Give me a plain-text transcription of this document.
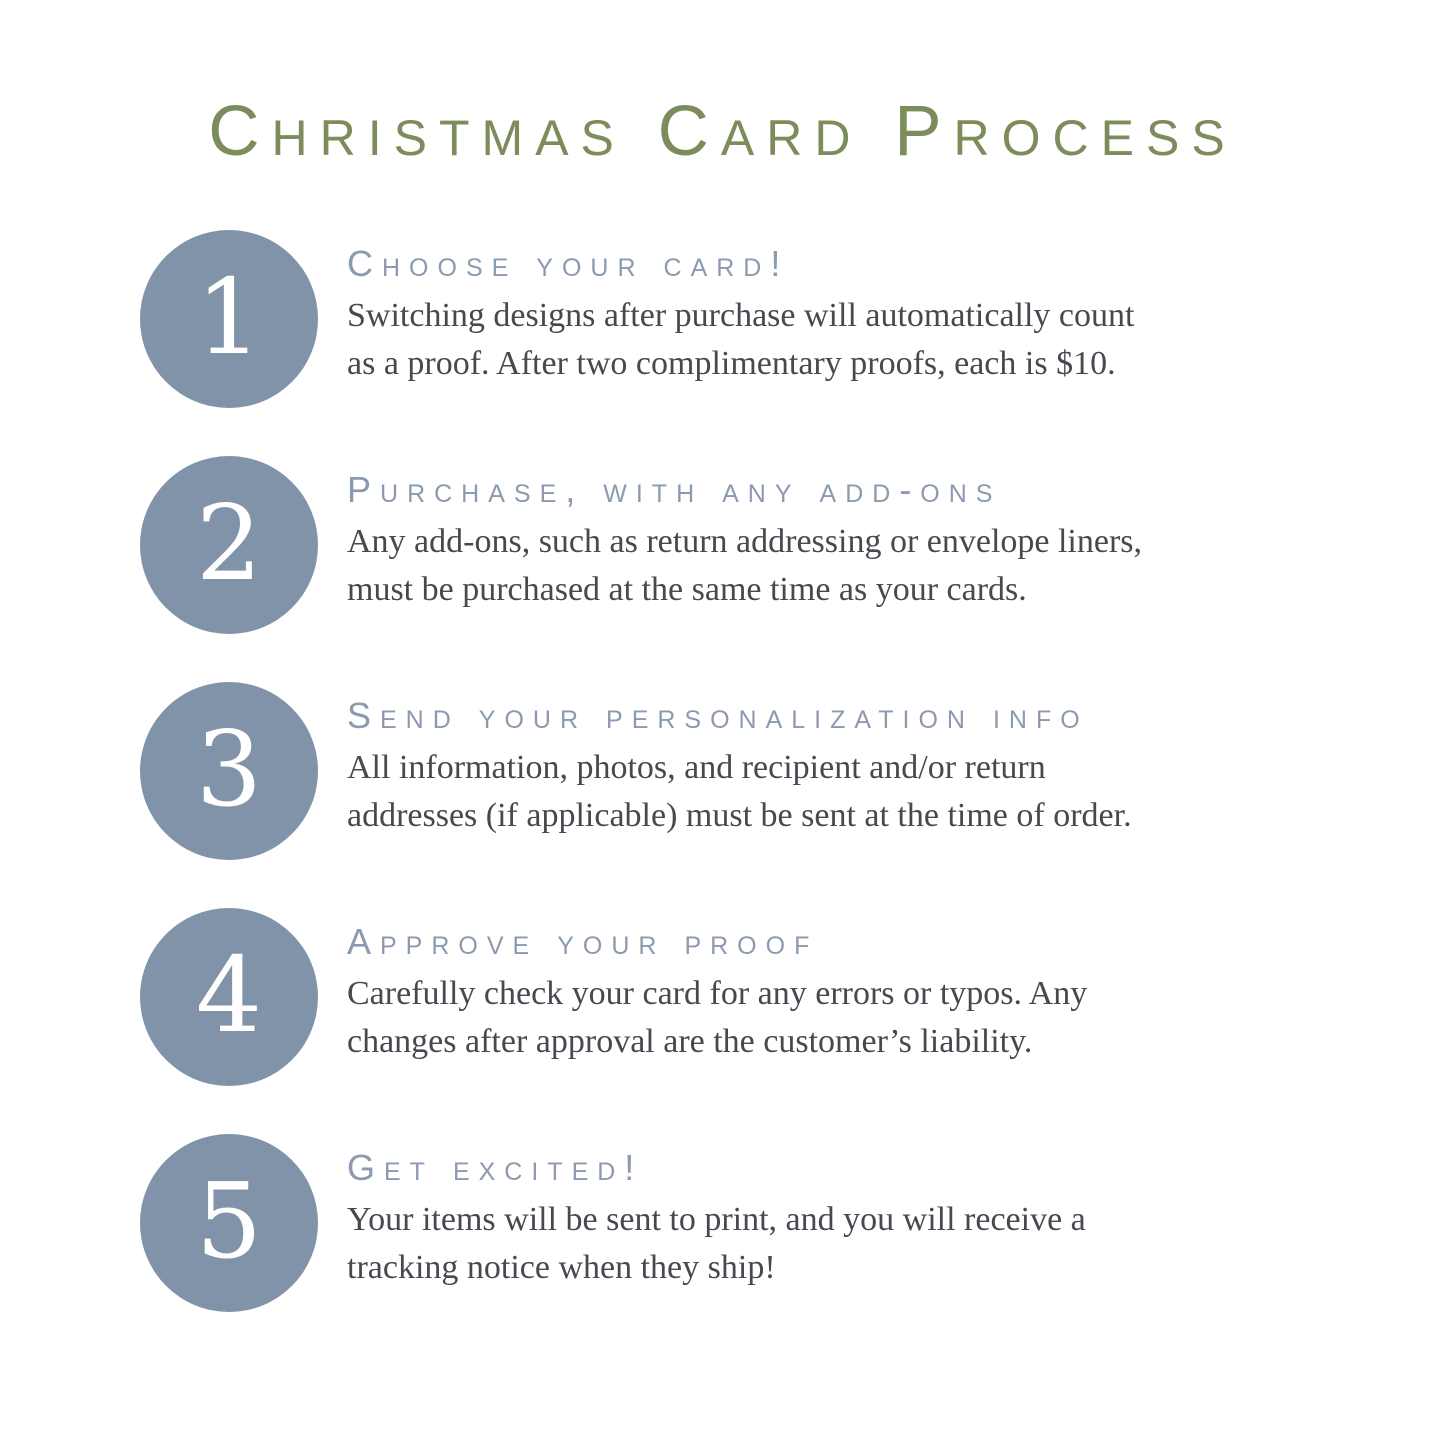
Christmas Card Process
1 Choose your card!
Switching designs after purchase will automatically count
as a proof. After two complimentary proofs, each is $10.
2 Purchase, with any add-ons
Any add-ons, such as return addressing or envelope liners,
must be purchased at the same time as your cards.
3 Send your personalization info
All information, photos, and recipient and/or return
addresses (if applicable) must be sent at the time of order.
4 Approve your proof
Carefully check your card for any errors or typos. Any
changes after approval are the customer’s liability.
5 Get excited!
Your items will be sent to print, and you will receive a
tracking notice when they ship!
